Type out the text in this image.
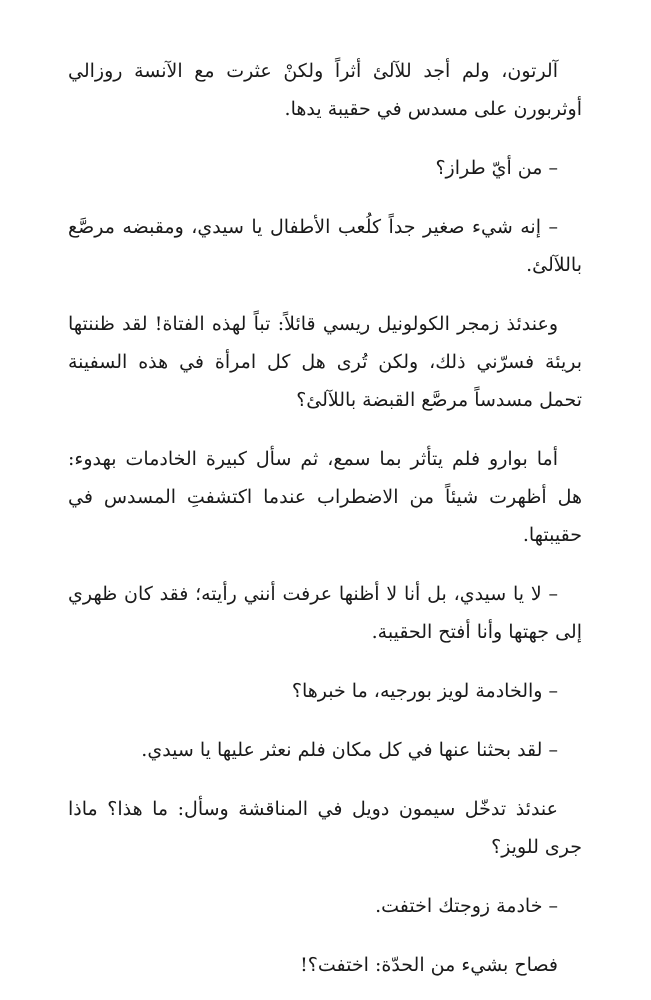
آلرتون، ولم أجد للآلئ أثراً ولكنْ عثرت مع الآنسة روزالي أوثربورن على مسدس في حقيبة يدها.

– من أيّ طراز؟

– إنه شيء صغير جداً كلُعب الأطفال يا سيدي، ومقبضه مرصَّع باللآلئ.

وعندئذ زمجر الكولونيل ريسي قائلاً: تباً لهذه الفتاة! لقد ظننتها بريئة فسرّني ذلك، ولكن تُرى هل كل امرأة في هذه السفينة تحمل مسدساً مرصَّع القبضة باللآلئ؟

أما بوارو فلم يتأثر بما سمع، ثم سأل كبيرة الخادمات بهدوء: هل أظهرت شيئاً من الاضطراب عندما اكتشفتِ المسدس في حقيبتها.

– لا يا سيدي، بل أنا لا أظنها عرفت أنني رأيته؛ فقد كان ظهري إلى جهتها وأنا أفتح الحقيبة.

– والخادمة لويز بورجيه، ما خبرها؟

– لقد بحثنا عنها في كل مكان فلم نعثر عليها يا سيدي.

عندئذ تدخّل سيمون دويل في المناقشة وسأل: ما هذا؟ ماذا جرى للويز؟

– خادمة زوجتك اختفت.

فصاح بشيء من الحدّة: اختفت؟!
